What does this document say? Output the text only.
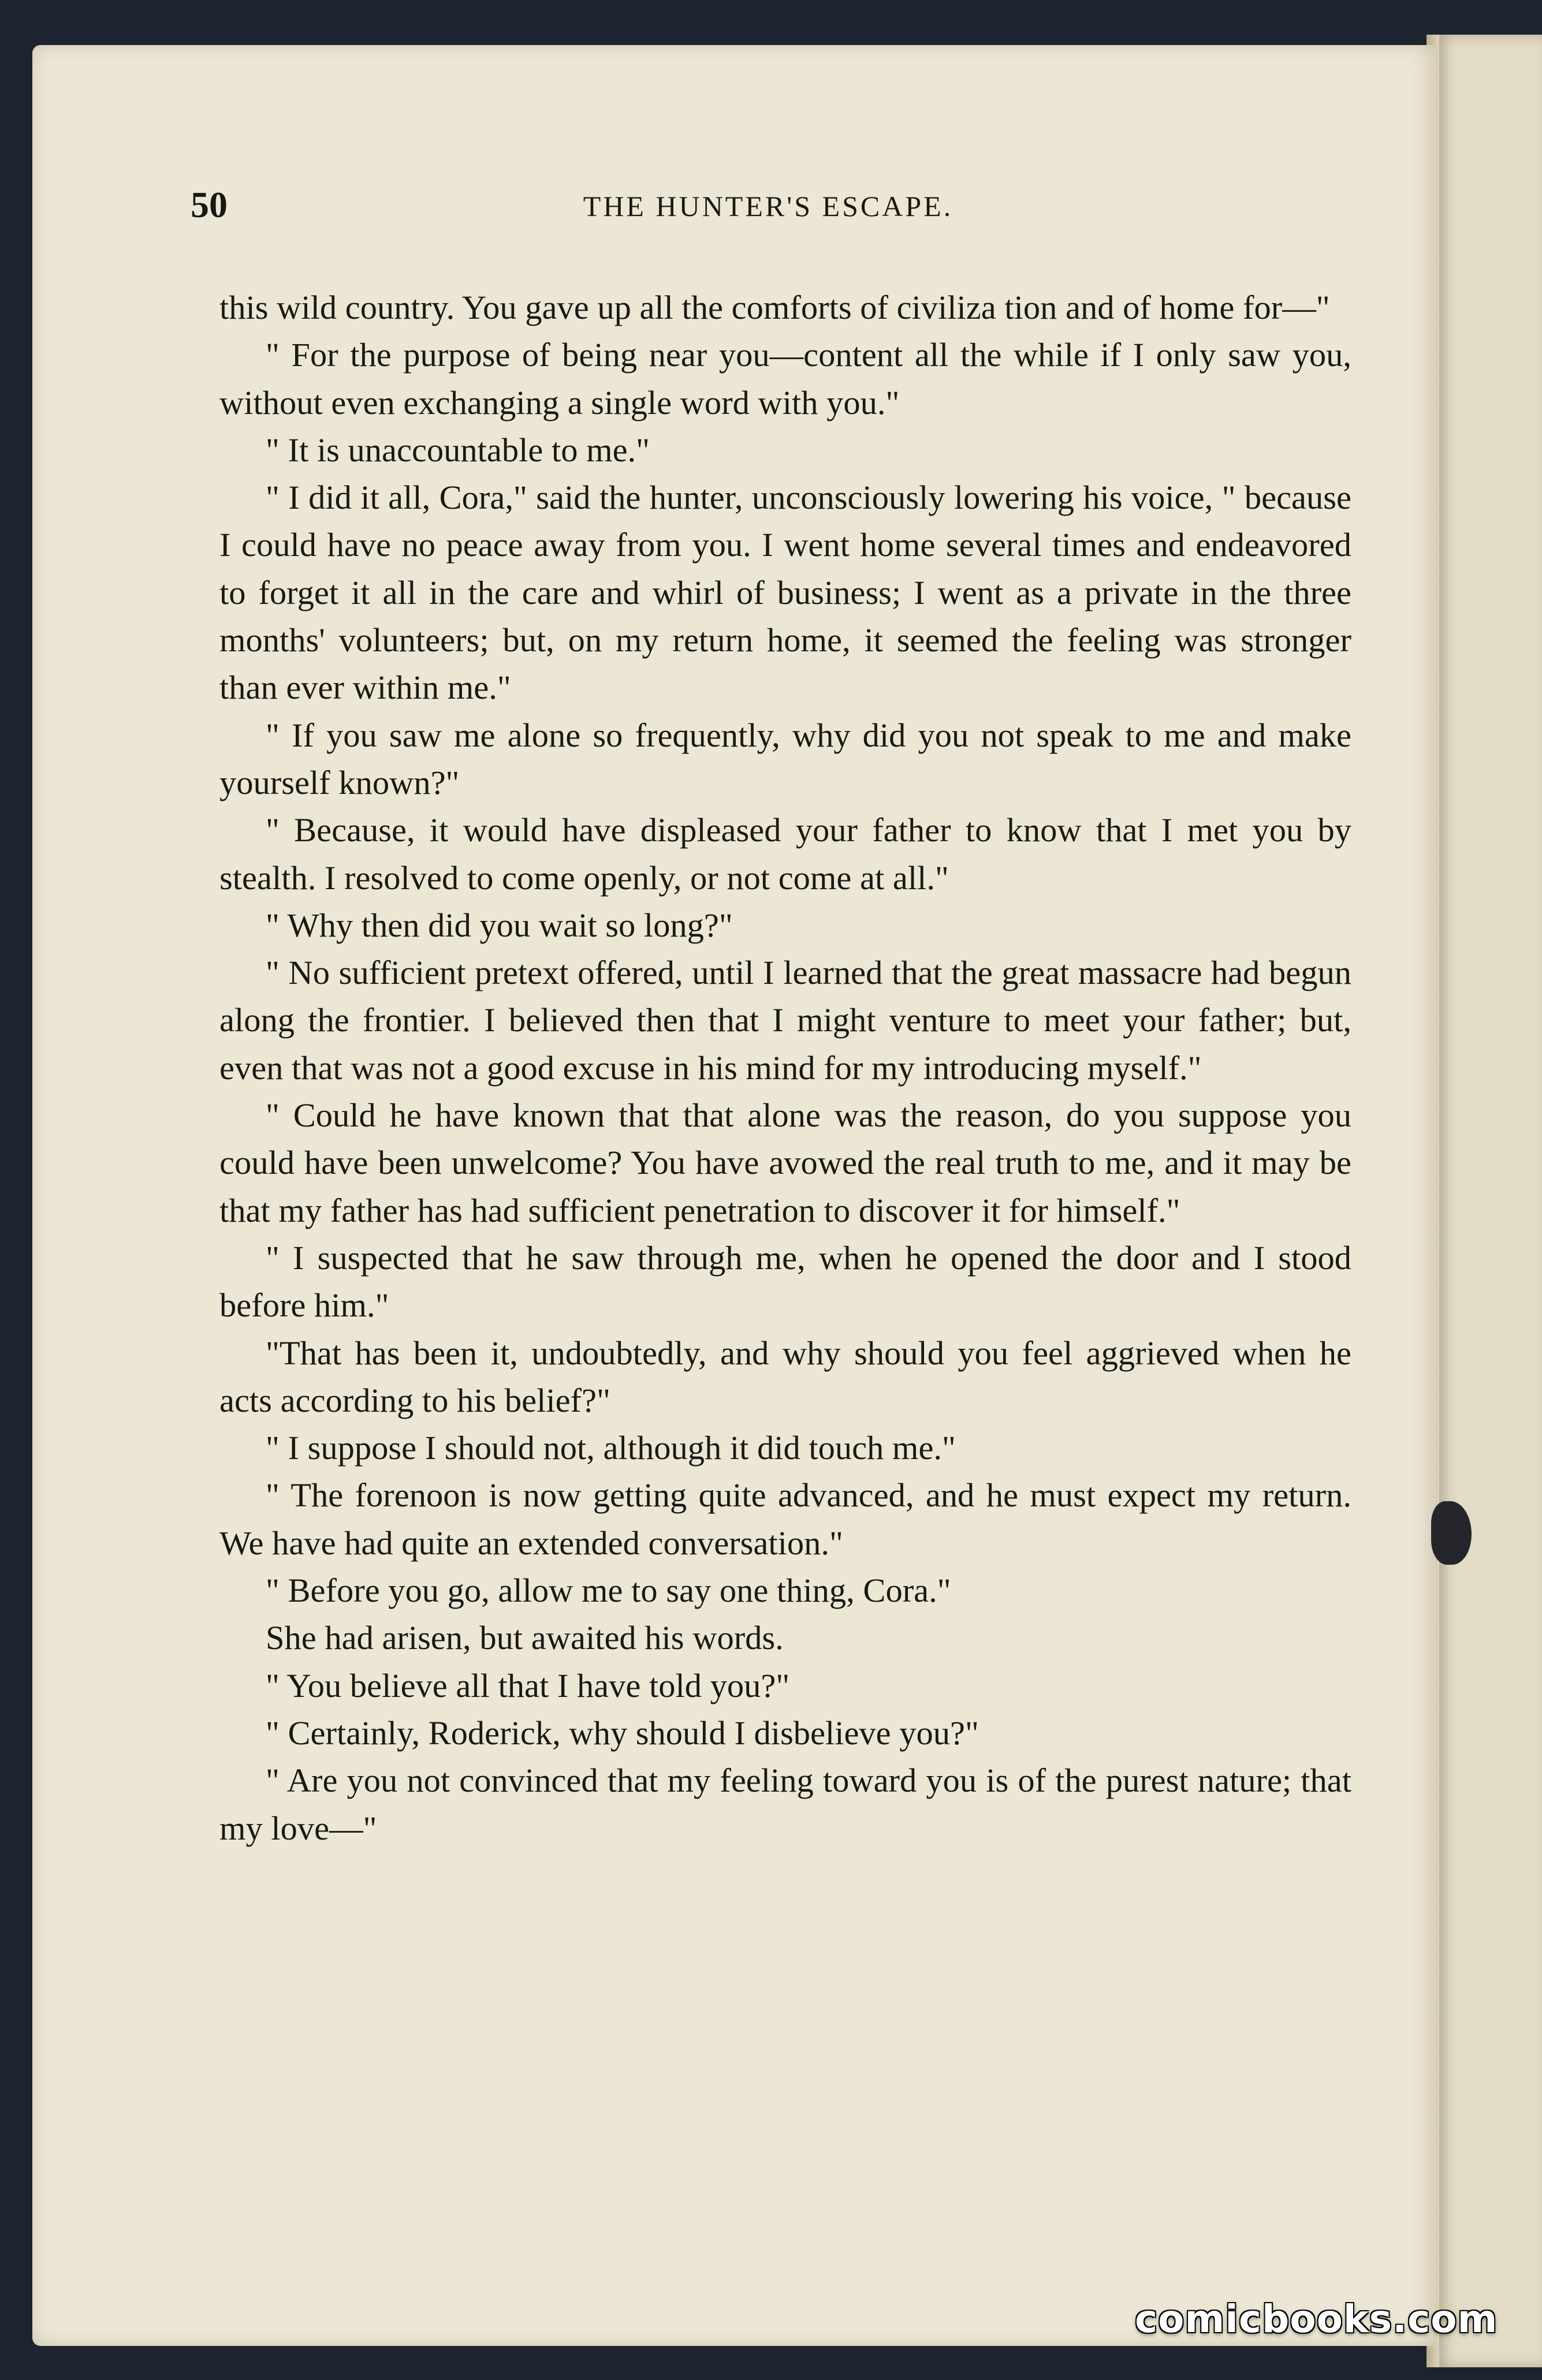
50	THE HUNTER'S ESCAPE.

this wild country. You gave up all the comforts of civiliza tion and of home for—"

" For the purpose of being near you—content all the while if I only saw you, without even exchanging a single word with you."

" It is unaccountable to me."

" I did it all, Cora," said the hunter, unconsciously lowering his voice, " because I could have no peace away from you. I went home several times and endeavored to forget it all in the care and whirl of business; I went as a private in the three months' volunteers; but, on my return home, it seemed the feeling was stronger than ever within me."

" If you saw me alone so frequently, why did you not speak to me and make yourself known?"

" Because, it would have displeased your father to know that I met you by stealth. I resolved to come openly, or not come at all."

" Why then did you wait so long?"

" No sufficient pretext offered, until I learned that the great massacre had begun along the frontier. I believed then that I might venture to meet your father; but, even that was not a good excuse in his mind for my introducing myself."

" Could he have known that that alone was the reason, do you suppose you could have been unwelcome? You have avowed the real truth to me, and it may be that my father has had sufficient penetration to discover it for himself."

" I suspected that he saw through me, when he opened the door and I stood before him."

"That has been it, undoubtedly, and why should you feel aggrieved when he acts according to his belief?"

" I suppose I should not, although it did touch me."

" The forenoon is now getting quite advanced, and he must expect my return. We have had quite an extended conversation."

" Before you go, allow me to say one thing, Cora."

She had arisen, but awaited his words.

" You believe all that I have told you?"

" Certainly, Roderick, why should I disbelieve you?"

" Are you not convinced that my feeling toward you is of the purest nature; that my love—"

comicbooks.com
